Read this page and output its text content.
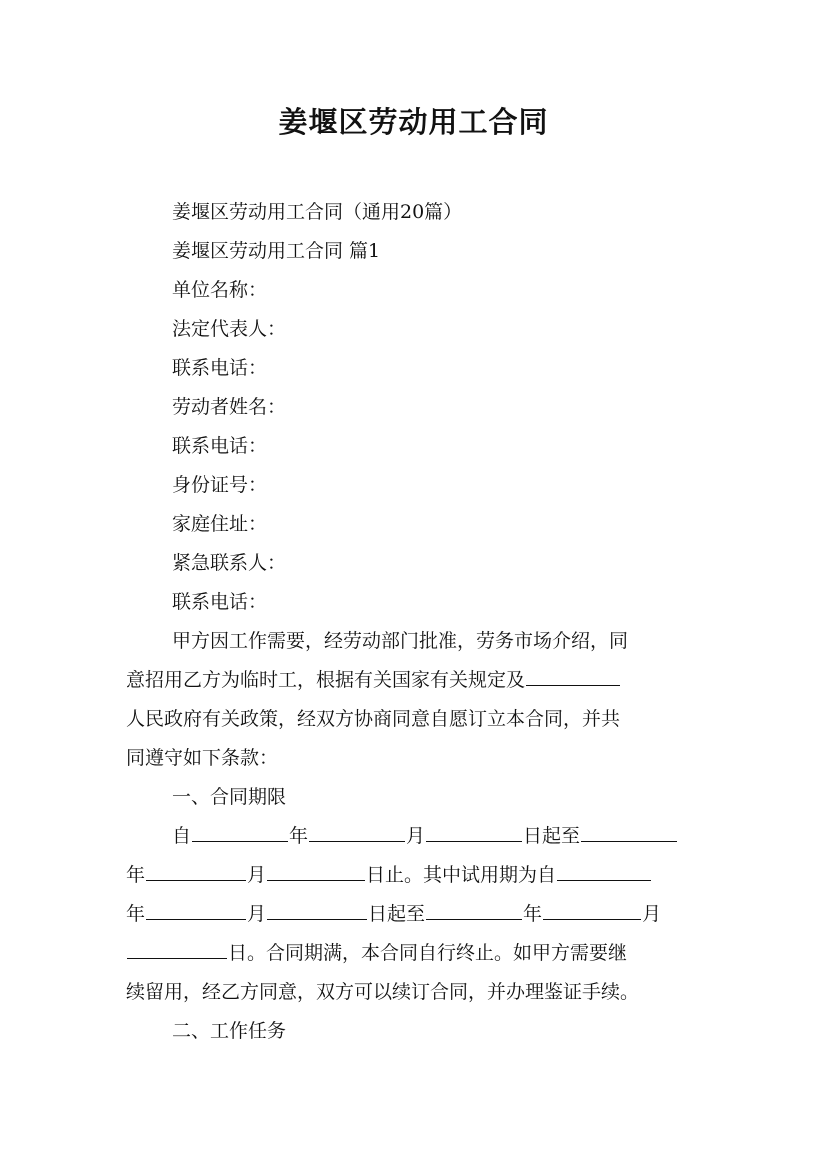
姜堰区劳动用工合同

姜堰区劳动用工合同（通用20篇）

姜堰区劳动用工合同 篇1

单位名称：

法定代表人：

联系电话：

劳动者姓名：

联系电话：

身份证号：

家庭住址：

紧急联系人：

联系电话：

甲方因工作需要，经劳动部门批准，劳务市场介绍，同

意招用乙方为临时工，根据有关国家有关规定及

人民政府有关政策，经双方协商同意自愿订立本合同，并共

同遵守如下条款：

一、合同期限

自	年	月	日起至

年	月	日止。其中试用期为自

年	月	日起至	年	月

日。合同期满，本合同自行终止。如甲方需要继

续留用，经乙方同意，双方可以续订合同，并办理鉴证手续。

二、工作任务
